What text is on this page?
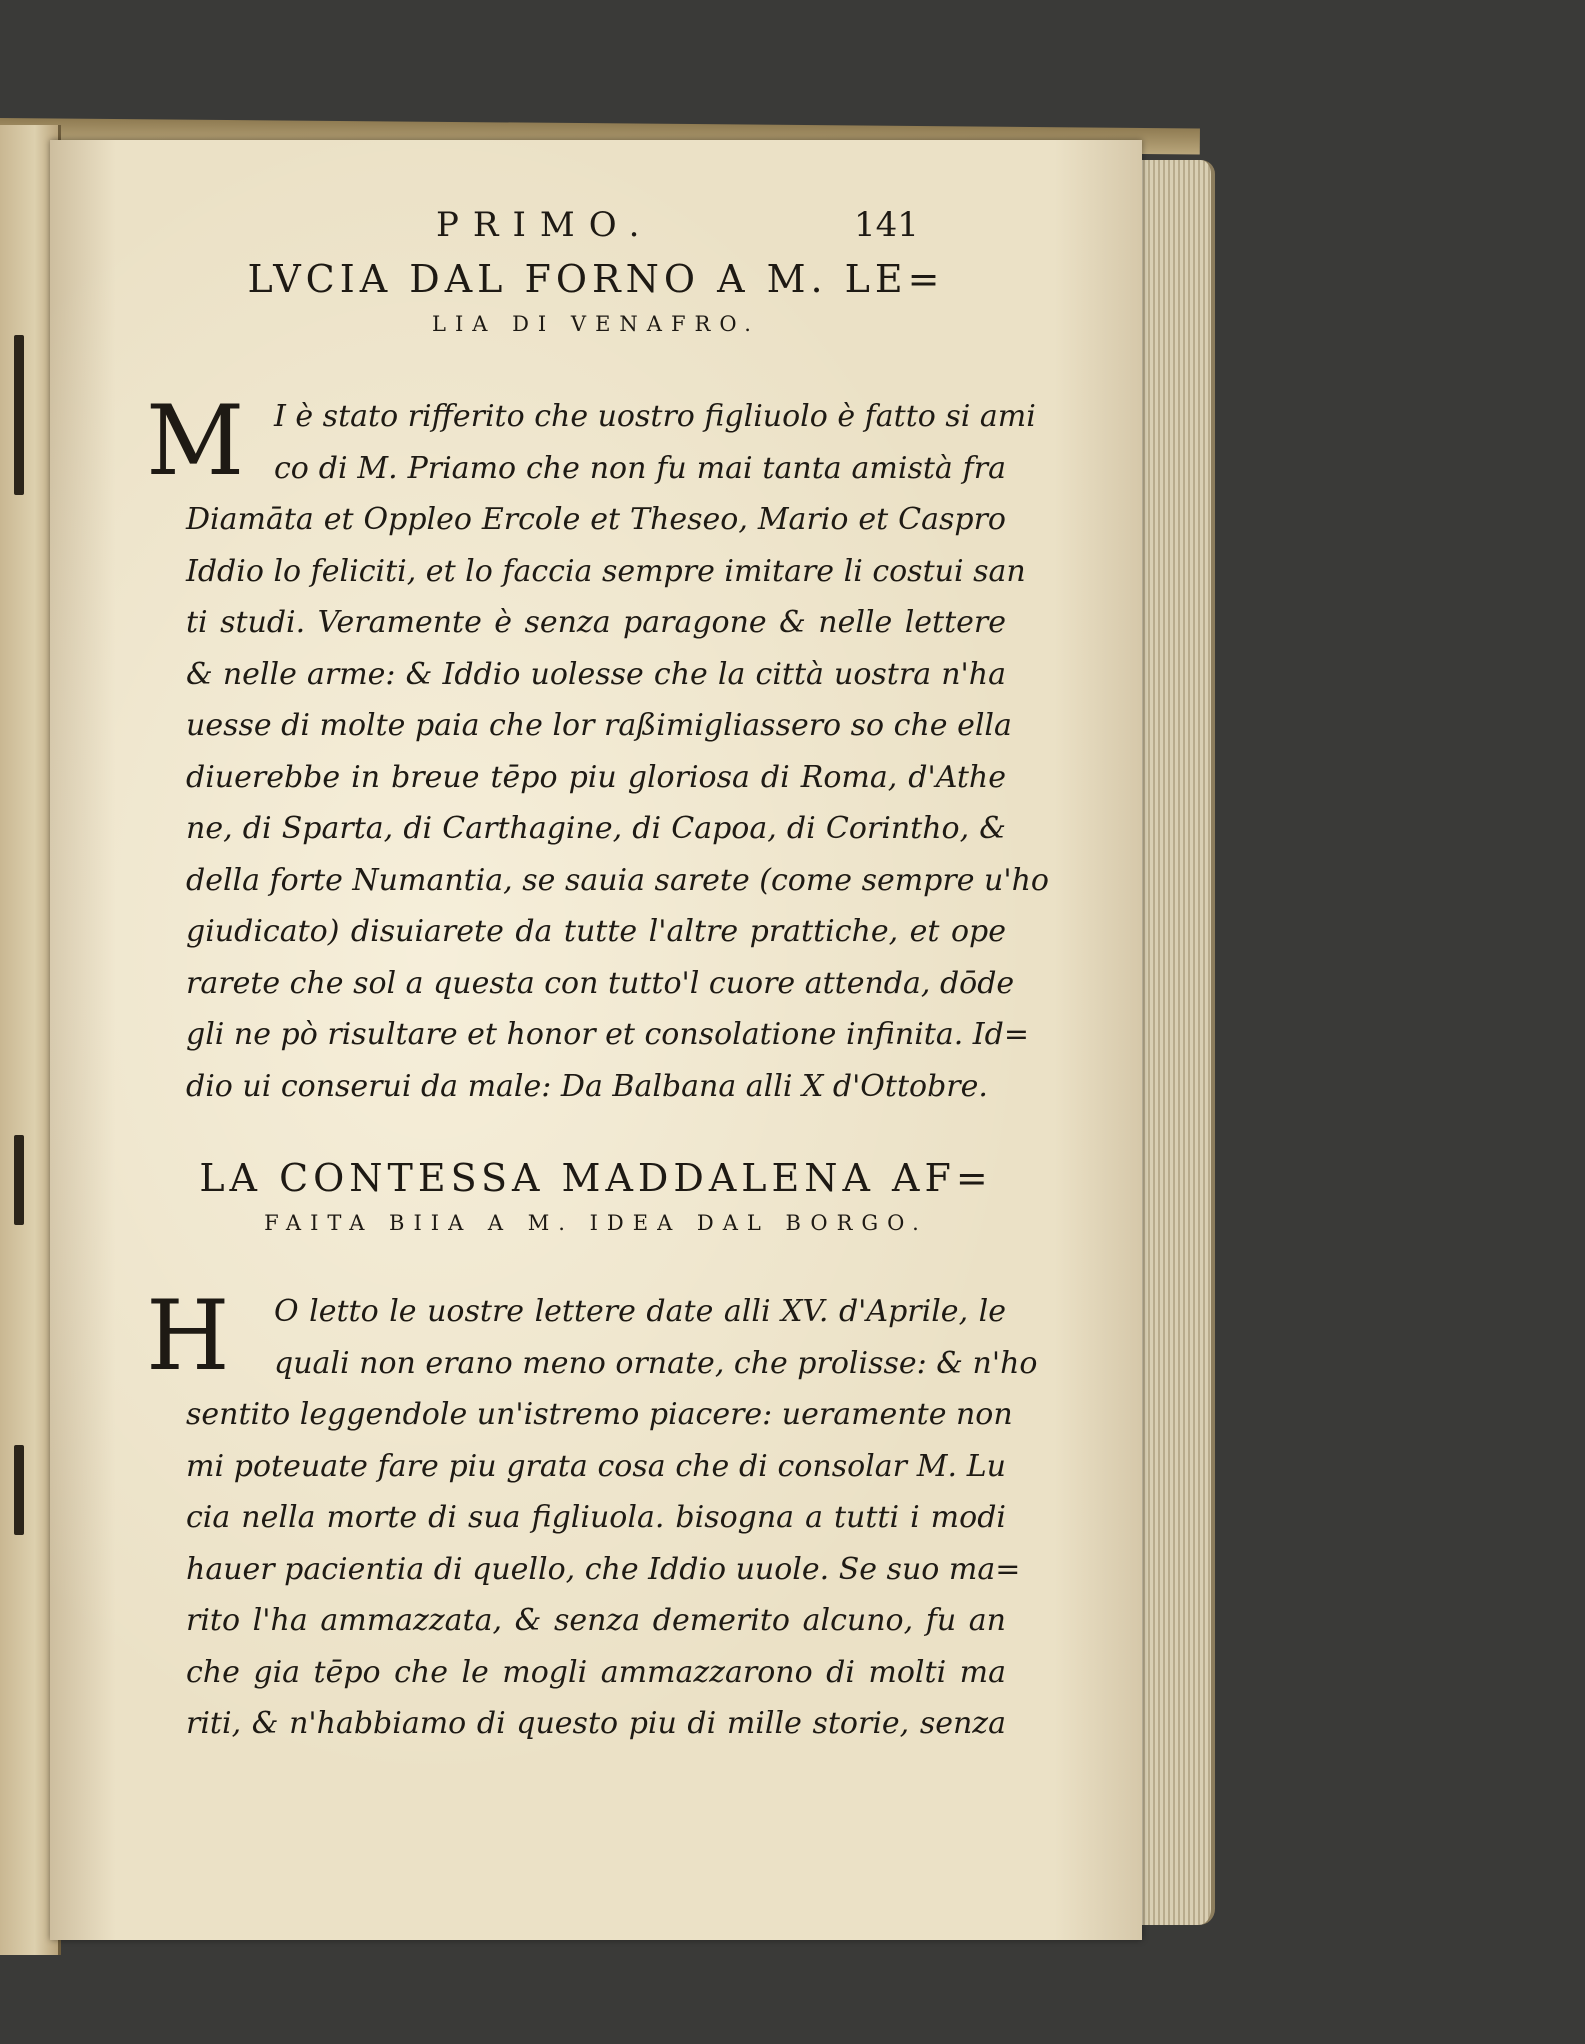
PRIMO.	141

LVCIA DAL FORNO A M. LE=

LIA DI VENAFRO.

M I è stato rifferito che uostro figliuolo è fatto si ami
co di M. Priamo che non fu mai tanta amistà fra
Diamāta et Oppleo Ercole et Theseo, Mario et Caspro
Iddio lo feliciti, et lo faccia sempre imitare li costui san
ti studi. Veramente è senza paragone & nelle lettere
& nelle arme: & Iddio uolesse che la città uostra n'ha
uesse di molte paia che lor raßimigliassero so che ella
diuerebbe in breue tēpo piu gloriosa di Roma, d'Athe
ne, di Sparta, di Carthagine, di Capoa, di Corintho, &
della forte Numantia, se sauia sarete (come sempre u'ho
giudicato) disuiarete da tutte l'altre prattiche, et ope
rarete che sol a questa con tutto'l cuore attenda, dōde
gli ne pò risultare et honor et consolatione infinita. Id=
dio ui conserui da male: Da Balbana alli X d'Ottobre.

LA CONTESSA MADDALENA AF=

FAITA BIIA A M. IDEA DAL BORGO.

H	O letto le uostre lettere date alli XV. d'Aprile, le
quali non erano meno ornate, che prolisse: & n'ho
sentito leggendole un'istremo piacere: ueramente non
mi poteuate fare piu grata cosa che di consolar M. Lu
cia nella morte di sua figliuola. bisogna a tutti i modi
hauer pacientia di quello, che Iddio uuole. Se suo ma=
rito l'ha ammazzata, & senza demerito alcuno, fu an
che gia tēpo che le mogli ammazzarono di molti ma
riti, & n'habbiamo di questo piu di mille storie, senza
